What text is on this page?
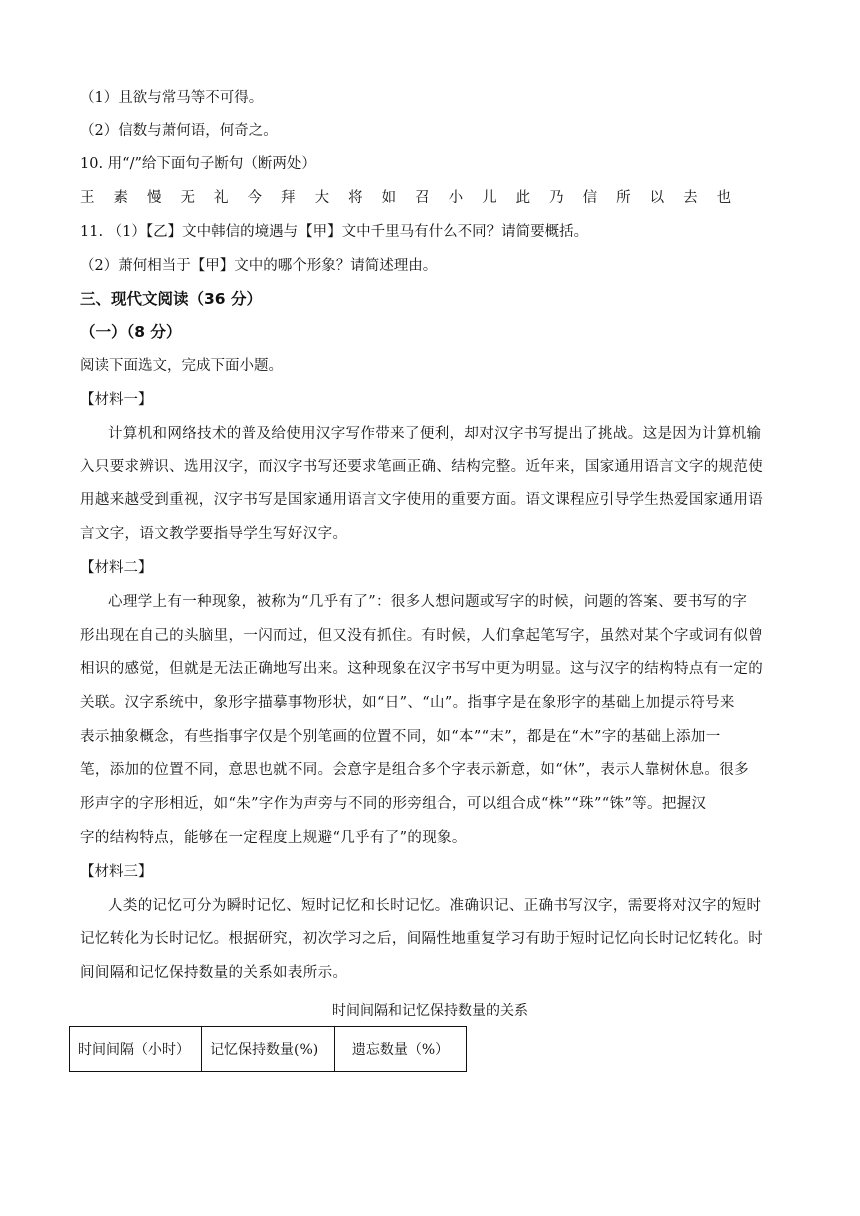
（1）且欲与常马等不可得。
（2）信数与萧何语，何奇之。
10. 用“/”给下面句子断句（断两处）
王 素 慢 无 礼 今 拜 大 将 如 召 小 儿 此 乃 信 所 以 去 也
11. （1）【乙】文中韩信的境遇与【甲】文中千里马有什么不同？请简要概括。
（2）萧何相当于【甲】文中的哪个形象？请简述理由。
三、现代文阅读（36 分）
（一）（8 分）
阅读下面选文，完成下面小题。
【材料一】
计算机和网络技术的普及给使用汉字写作带来了便利，却对汉字书写提出了挑战。这是因为计算机输
入只要求辨识、选用汉字，而汉字书写还要求笔画正确、结构完整。近年来，国家通用语言文字的规范使
用越来越受到重视，汉字书写是国家通用语言文字使用的重要方面。语文课程应引导学生热爱国家通用语
言文字，语文教学要指导学生写好汉字。
【材料二】
心理学上有一种现象，被称为“几乎有了”：很多人想问题或写字的时候，问题的答案、要书写的字
形出现在自己的头脑里，一闪而过，但又没有抓住。有时候，人们拿起笔写字，虽然对某个字或词有似曾
相识的感觉，但就是无法正确地写出来。这种现象在汉字书写中更为明显。这与汉字的结构特点有一定的
关联。汉字系统中，象形字描摹事物形状，如“日”、“山”。指事字是在象形字的基础上加提示符号来
表示抽象概念，有些指事字仅是个别笔画的位置不同，如“本”“末”，都是在“木”字的基础上添加一
笔，添加的位置不同，意思也就不同。会意字是组合多个字表示新意，如“休”，表示人靠树休息。很多
形声字的字形相近，如“朱”字作为声旁与不同的形旁组合，可以组合成“株”“珠”“铢”等。把握汉
字的结构特点，能够在一定程度上规避“几乎有了”的现象。
【材料三】
人类的记忆可分为瞬时记忆、短时记忆和长时记忆。准确识记、正确书写汉字，需要将对汉字的短时
记忆转化为长时记忆。根据研究，初次学习之后，间隔性地重复学习有助于短时记忆向长时记忆转化。时
间间隔和记忆保持数量的关系如表所示。
时间间隔和记忆保持数量的关系
时间间隔（小时）	记忆保持数量(%)	遗忘数量（%）
